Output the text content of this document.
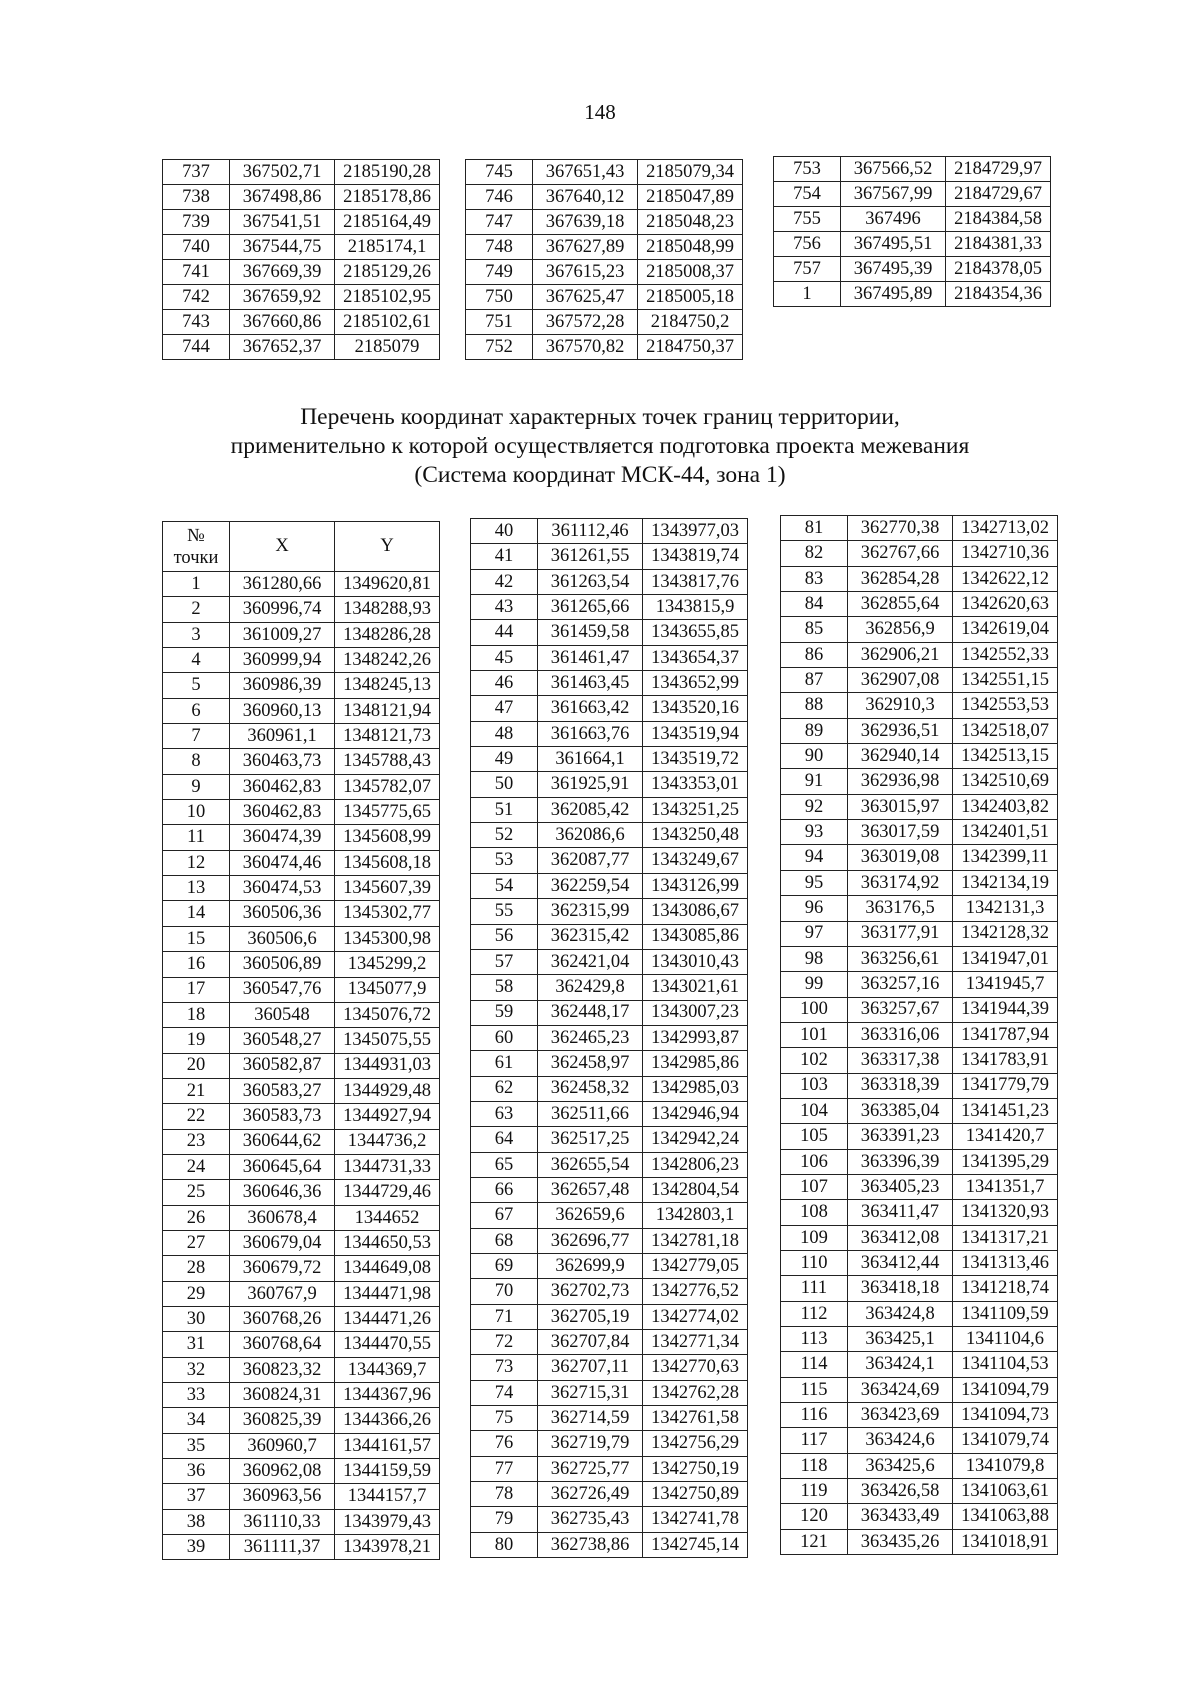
148
737	367502,71	2185190,28
738	367498,86	2185178,86
739	367541,51	2185164,49
740	367544,75	2185174,1
741	367669,39	2185129,26
742	367659,92	2185102,95
743	367660,86	2185102,61
744	367652,37	2185079
745	367651,43	2185079,34
746	367640,12	2185047,89
747	367639,18	2185048,23
748	367627,89	2185048,99
749	367615,23	2185008,37
750	367625,47	2185005,18
751	367572,28	2184750,2
752	367570,82	2184750,37
753	367566,52	2184729,97
754	367567,99	2184729,67
755	367496	2184384,58
756	367495,51	2184381,33
757	367495,39	2184378,05
1	367495,89	2184354,36
Перечень координат характерных точек границ территории,
применительно к которой осуществляется подготовка проекта межевания
(Система координат МСК-44, зона 1)
№
точки	X	Y
1	361280,66	1349620,81
2	360996,74	1348288,93
3	361009,27	1348286,28
4	360999,94	1348242,26
5	360986,39	1348245,13
6	360960,13	1348121,94
7	360961,1	1348121,73
8	360463,73	1345788,43
9	360462,83	1345782,07
10	360462,83	1345775,65
11	360474,39	1345608,99
12	360474,46	1345608,18
13	360474,53	1345607,39
14	360506,36	1345302,77
15	360506,6	1345300,98
16	360506,89	1345299,2
17	360547,76	1345077,9
18	360548	1345076,72
19	360548,27	1345075,55
20	360582,87	1344931,03
21	360583,27	1344929,48
22	360583,73	1344927,94
23	360644,62	1344736,2
24	360645,64	1344731,33
25	360646,36	1344729,46
26	360678,4	1344652
27	360679,04	1344650,53
28	360679,72	1344649,08
29	360767,9	1344471,98
30	360768,26	1344471,26
31	360768,64	1344470,55
32	360823,32	1344369,7
33	360824,31	1344367,96
34	360825,39	1344366,26
35	360960,7	1344161,57
36	360962,08	1344159,59
37	360963,56	1344157,7
38	361110,33	1343979,43
39	361111,37	1343978,21
40	361112,46	1343977,03
41	361261,55	1343819,74
42	361263,54	1343817,76
43	361265,66	1343815,9
44	361459,58	1343655,85
45	361461,47	1343654,37
46	361463,45	1343652,99
47	361663,42	1343520,16
48	361663,76	1343519,94
49	361664,1	1343519,72
50	361925,91	1343353,01
51	362085,42	1343251,25
52	362086,6	1343250,48
53	362087,77	1343249,67
54	362259,54	1343126,99
55	362315,99	1343086,67
56	362315,42	1343085,86
57	362421,04	1343010,43
58	362429,8	1343021,61
59	362448,17	1343007,23
60	362465,23	1342993,87
61	362458,97	1342985,86
62	362458,32	1342985,03
63	362511,66	1342946,94
64	362517,25	1342942,24
65	362655,54	1342806,23
66	362657,48	1342804,54
67	362659,6	1342803,1
68	362696,77	1342781,18
69	362699,9	1342779,05
70	362702,73	1342776,52
71	362705,19	1342774,02
72	362707,84	1342771,34
73	362707,11	1342770,63
74	362715,31	1342762,28
75	362714,59	1342761,58
76	362719,79	1342756,29
77	362725,77	1342750,19
78	362726,49	1342750,89
79	362735,43	1342741,78
80	362738,86	1342745,14
81	362770,38	1342713,02
82	362767,66	1342710,36
83	362854,28	1342622,12
84	362855,64	1342620,63
85	362856,9	1342619,04
86	362906,21	1342552,33
87	362907,08	1342551,15
88	362910,3	1342553,53
89	362936,51	1342518,07
90	362940,14	1342513,15
91	362936,98	1342510,69
92	363015,97	1342403,82
93	363017,59	1342401,51
94	363019,08	1342399,11
95	363174,92	1342134,19
96	363176,5	1342131,3
97	363177,91	1342128,32
98	363256,61	1341947,01
99	363257,16	1341945,7
100	363257,67	1341944,39
101	363316,06	1341787,94
102	363317,38	1341783,91
103	363318,39	1341779,79
104	363385,04	1341451,23
105	363391,23	1341420,7
106	363396,39	1341395,29
107	363405,23	1341351,7
108	363411,47	1341320,93
109	363412,08	1341317,21
110	363412,44	1341313,46
111	363418,18	1341218,74
112	363424,8	1341109,59
113	363425,1	1341104,6
114	363424,1	1341104,53
115	363424,69	1341094,79
116	363423,69	1341094,73
117	363424,6	1341079,74
118	363425,6	1341079,8
119	363426,58	1341063,61
120	363433,49	1341063,88
121	363435,26	1341018,91
